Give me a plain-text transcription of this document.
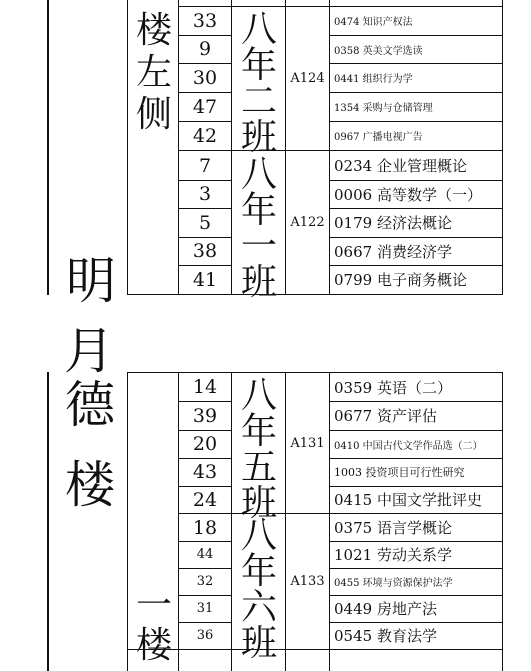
明
楼
左
侧
33
9
30
47
42
八
年
二
班
A124
0474 知识产权法
0358 英美文学选读
0441 组织行为学
1354 采购与仓储管理
0967 广播电视广告
7
3
5
38
41
八
年
一
班
A122
0234 企业管理概论
0006 高等数学（一）
0179 经济法概论
0667 消费经济学
0799 电子商务概论
月
德
楼
一
楼
14
39
20
43
24
八
年
五
班
A131
0359 英语（二）
0677 资产评估
0410 中国古代文学作品选（二）
1003 投资项目可行性研究
0415 中国文学批评史
18
44
32
31
36
八
年
六
班
A133
0375 语言学概论
1021 劳动关系学
0455 环境与资源保护法学
0449 房地产法
0545 教育法学
